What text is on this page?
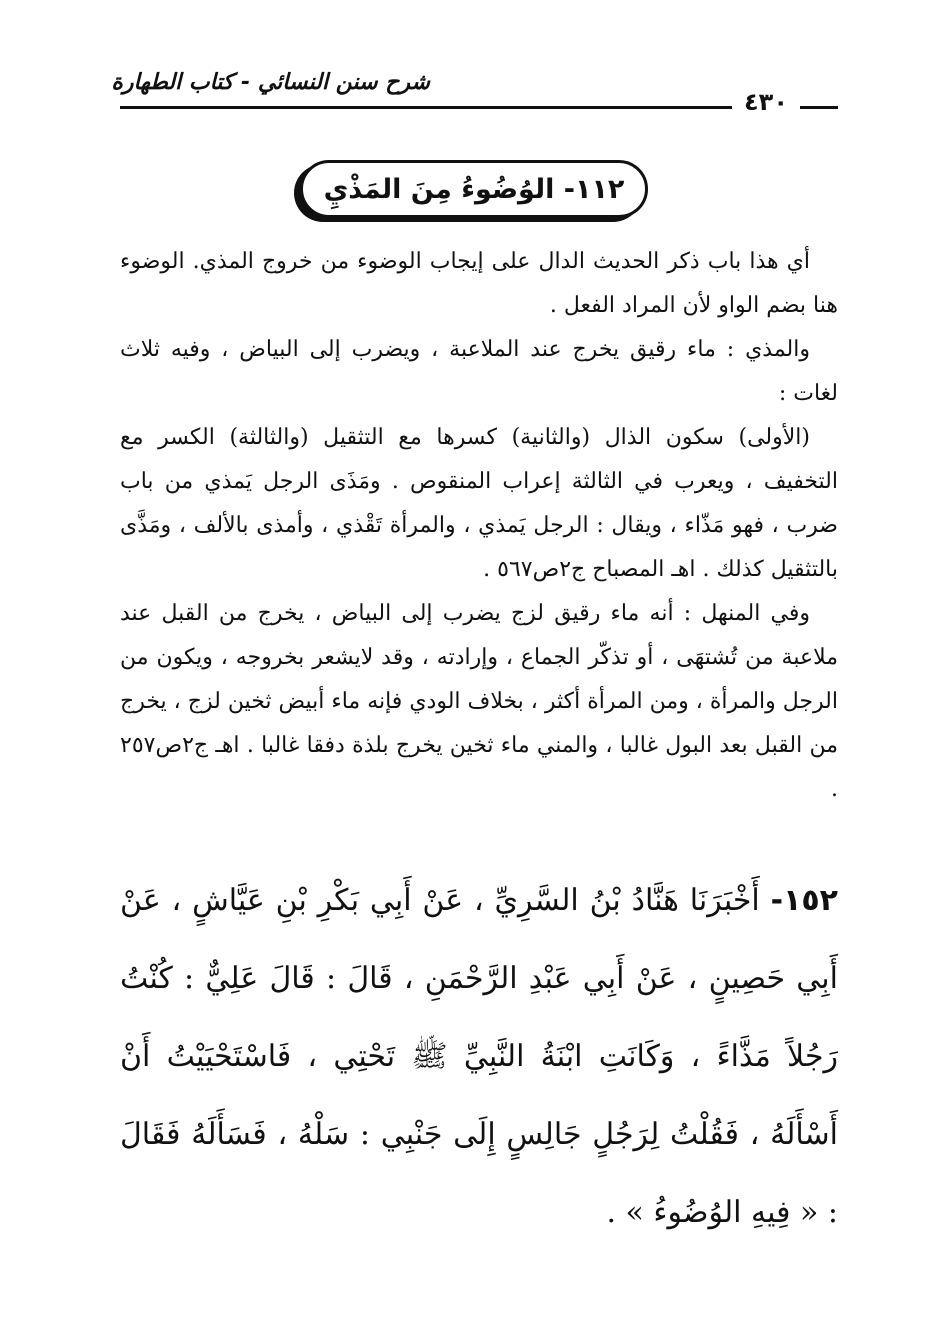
شرح سنن النسائي - كتاب الطهارة
٤٣٠
١١٢- الوُضُوءُ مِنَ المَذْيِ

أي هذا باب ذكر الحديث الدال على إيجاب الوضوء من خروج المذي. الوضوء هنا بضم الواو لأن المراد الفعل .

والمذي : ماء رقيق يخرج عند الملاعبة ، ويضرب إلى البياض ، وفيه ثلاث لغات :

(الأولى) سكون الذال (والثانية) كسرها مع التثقيل (والثالثة) الكسر مع التخفيف ، ويعرب في الثالثة إعراب المنقوص . ومَذَى الرجل يَمذي من باب ضرب ، فهو مَذّاء ، ويقال : الرجل يَمذي ، والمرأة تَقْذي ، وأمذى بالألف ، ومَذَّى بالتثقيل كذلك . اهـ المصباح ج٢ص٥٦٧ .

وفي المنهل : أنه ماء رقيق لزج يضرب إلى البياض ، يخرج من القبل عند ملاعبة من تُشتهَى ، أو تذكّر الجماع ، وإرادته ، وقد لايشعر بخروجه ، ويكون من الرجل والمرأة ، ومن المرأة أكثر ، بخلاف الودي فإنه ماء أبيض ثخين لزج ، يخرج من القبل بعد البول غالبا ، والمني ماء ثخين يخرج بلذة دفقا غالبا . اهـ ج٢ص٢٥٧ .

١٥٢- أَخْبَرَنَا هَنَّادُ بْنُ السَّرِيِّ ، عَنْ أَبِي بَكْرِ بْنِ عَيَّاشٍ ، عَنْ أَبِي حَصِينٍ ، عَنْ أَبِي عَبْدِ الرَّحْمَنِ ، قَالَ : قَالَ عَلِيٌّ : كُنْتُ رَجُلاً مَذَّاءً ، وَكَانَتِ ابْنَةُ النَّبِيِّ ﷺ تَحْتِي ، فَاسْتَحْيَيْتُ أَنْ أَسْأَلَهُ ، فَقُلْتُ لِرَجُلٍ جَالِسٍ إِلَى جَنْبِي : سَلْهُ ، فَسَأَلَهُ فَقَالَ : « فِيهِ الوُضُوءُ » .
